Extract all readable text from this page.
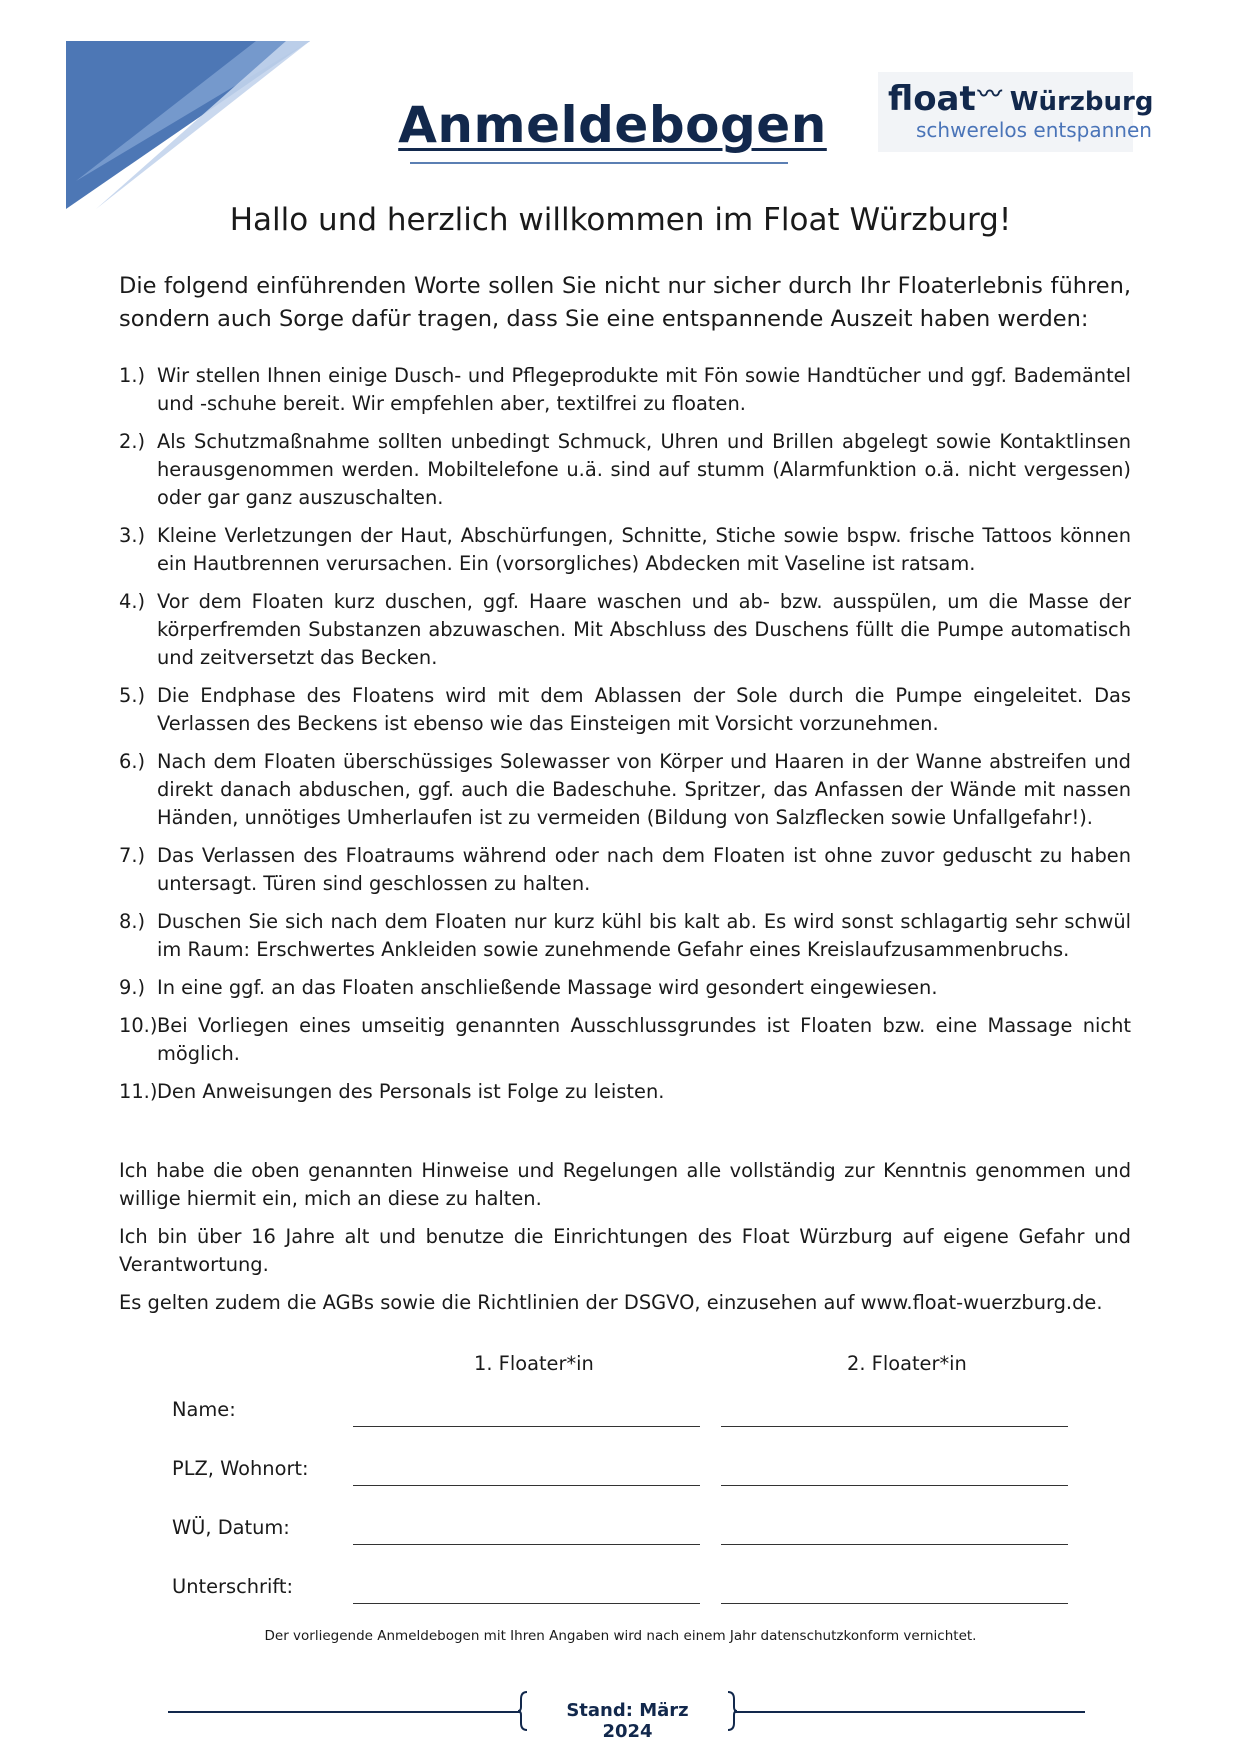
Anmeldebogen	float〰 Würzburg
schwerelos entspannen
Hallo und herzlich willkommen im Float Würzburg!
Die folgend einführenden Worte sollen Sie nicht nur sicher durch Ihr Floaterlebnis führen, sondern auch Sorge dafür tragen, dass Sie eine entspannende Auszeit haben werden:
1.) Wir stellen Ihnen einige Dusch- und Pflegeprodukte mit Fön sowie Handtücher und ggf. Bademäntel und -schuhe bereit. Wir empfehlen aber, textilfrei zu floaten.
2.) Als Schutzmaßnahme sollten unbedingt Schmuck, Uhren und Brillen abgelegt sowie Kontaktlinsen herausgenommen werden. Mobiltelefone u.ä. sind auf stumm (Alarmfunktion o.ä. nicht vergessen) oder gar ganz auszuschalten.
3.) Kleine Verletzungen der Haut, Abschürfungen, Schnitte, Stiche sowie bspw. frische Tattoos können ein Hautbrennen verursachen. Ein (vorsorgliches) Abdecken mit Vaseline ist ratsam.
4.) Vor dem Floaten kurz duschen, ggf. Haare waschen und ab- bzw. ausspülen, um die Masse der körperfremden Substanzen abzuwaschen. Mit Abschluss des Duschens füllt die Pumpe automatisch und zeitversetzt das Becken.
5.) Die Endphase des Floatens wird mit dem Ablassen der Sole durch die Pumpe eingeleitet. Das Verlassen des Beckens ist ebenso wie das Einsteigen mit Vorsicht vorzunehmen.
6.) Nach dem Floaten überschüssiges Solewasser von Körper und Haaren in der Wanne abstreifen und direkt danach abduschen, ggf. auch die Badeschuhe. Spritzer, das Anfassen der Wände mit nassen Händen, unnötiges Umherlaufen ist zu vermeiden (Bildung von Salzflecken sowie Unfallgefahr!).
7.) Das Verlassen des Floatraums während oder nach dem Floaten ist ohne zuvor geduscht zu haben untersagt. Türen sind geschlossen zu halten.
8.) Duschen Sie sich nach dem Floaten nur kurz kühl bis kalt ab. Es wird sonst schlagartig sehr schwül im Raum: Erschwertes Ankleiden sowie zunehmende Gefahr eines Kreislaufzusammenbruchs.
9.) In eine ggf. an das Floaten anschließende Massage wird gesondert eingewiesen.
10.) Bei Vorliegen eines umseitig genannten Ausschlussgrundes ist Floaten bzw. eine Massage nicht möglich.
11.) Den Anweisungen des Personals ist Folge zu leisten.

Ich habe die oben genannten Hinweise und Regelungen alle vollständig zur Kenntnis genommen und willige hiermit ein, mich an diese zu halten.

Ich bin über 16 Jahre alt und benutze die Einrichtungen des Float Würzburg auf eigene Gefahr und Verantwortung.

Es gelten zudem die AGBs sowie die Richtlinien der DSGVO, einzusehen auf www.float-wuerzburg.de.

1. Floater*in	2. Floater*in
Name:
PLZ, Wohnort:
WÜ, Datum:
Unterschrift:
Der vorliegende Anmeldebogen mit Ihren Angaben wird nach einem Jahr datenschutzkonform vernichtet.
Stand: März 2024
